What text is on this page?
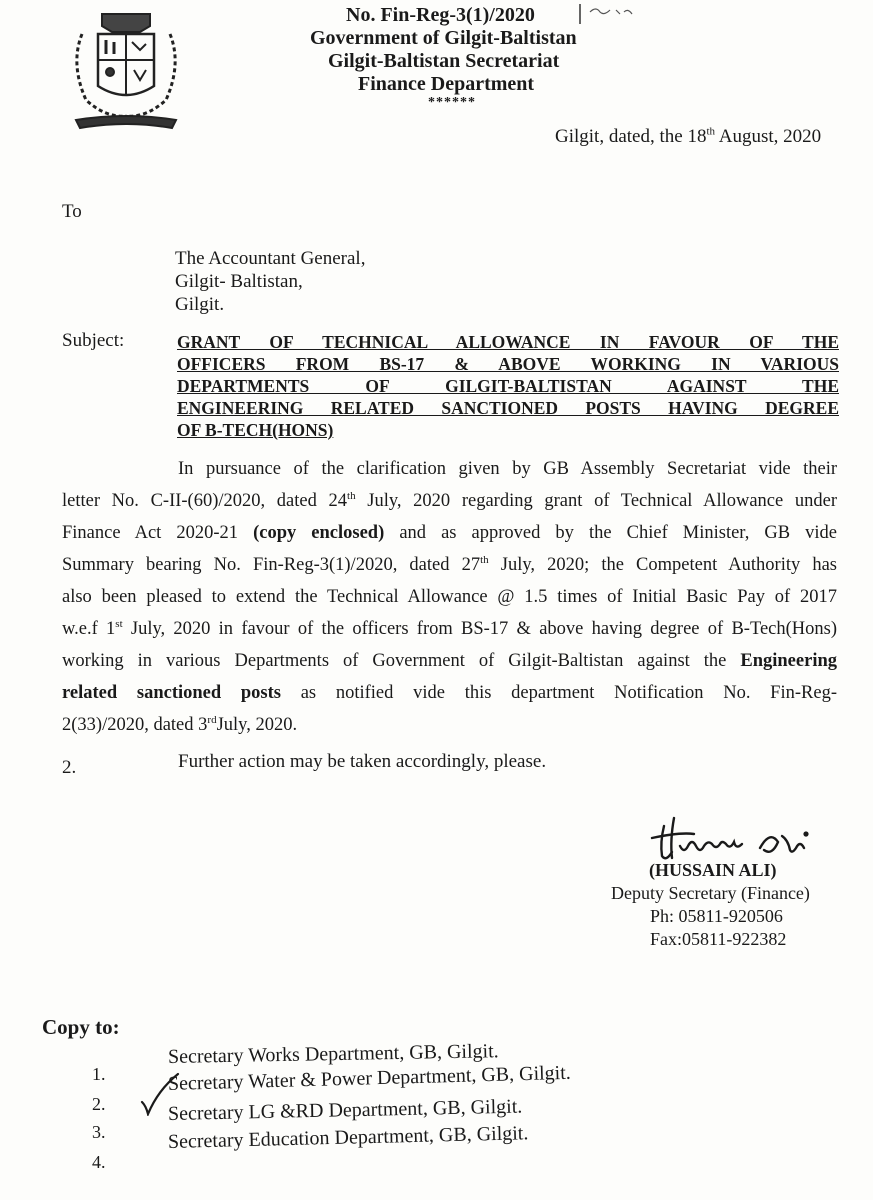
No. Fin-Reg-3(1)/2020
Government of Gilgit-Baltistan
Gilgit-Baltistan Secretariat
Finance Department
******
Gilgit, dated, the 18th August, 2020
To
The Accountant General,
Gilgit- Baltistan,
Gilgit.
Subject:	GRANT OF TECHNICAL ALLOWANCE IN FAVOUR OF THE
OFFICERS FROM BS-17 & ABOVE WORKING IN VARIOUS
DEPARTMENTS OF GILGIT-BALTISTAN AGAINST THE
ENGINEERING RELATED SANCTIONED POSTS HAVING DEGREE
OF B-TECH(HONS)
In pursuance of the clarification given by GB Assembly Secretariat vide their
letter No. C-II-(60)/2020, dated 24th July, 2020 regarding grant of Technical Allowance under
Finance Act 2020-21 (copy enclosed) and as approved by the Chief Minister, GB vide
Summary bearing No. Fin-Reg-3(1)/2020, dated 27th July, 2020; the Competent Authority has
also been pleased to extend the Technical Allowance @ 1.5 times of Initial Basic Pay of 2017
w.e.f 1st July, 2020 in favour of the officers from BS-17 & above having degree of B-Tech(Hons)
working in various Departments of Government of Gilgit-Baltistan against the Engineering
related sanctioned posts as notified vide this department Notification No. Fin-Reg-
2(33)/2020, dated 3rdJuly, 2020.
2.	Further action may be taken accordingly, please.
(HUSSAIN ALI)
Deputy Secretary (Finance)
Ph: 05811-920506
Fax:05811-922382
Copy to:
1.
Secretary Works Department, GB, Gilgit.
2.
Secretary Water & Power Department, GB, Gilgit.
3.
Secretary LG &RD Department, GB, Gilgit.
4.
Secretary Education Department, GB, Gilgit.
